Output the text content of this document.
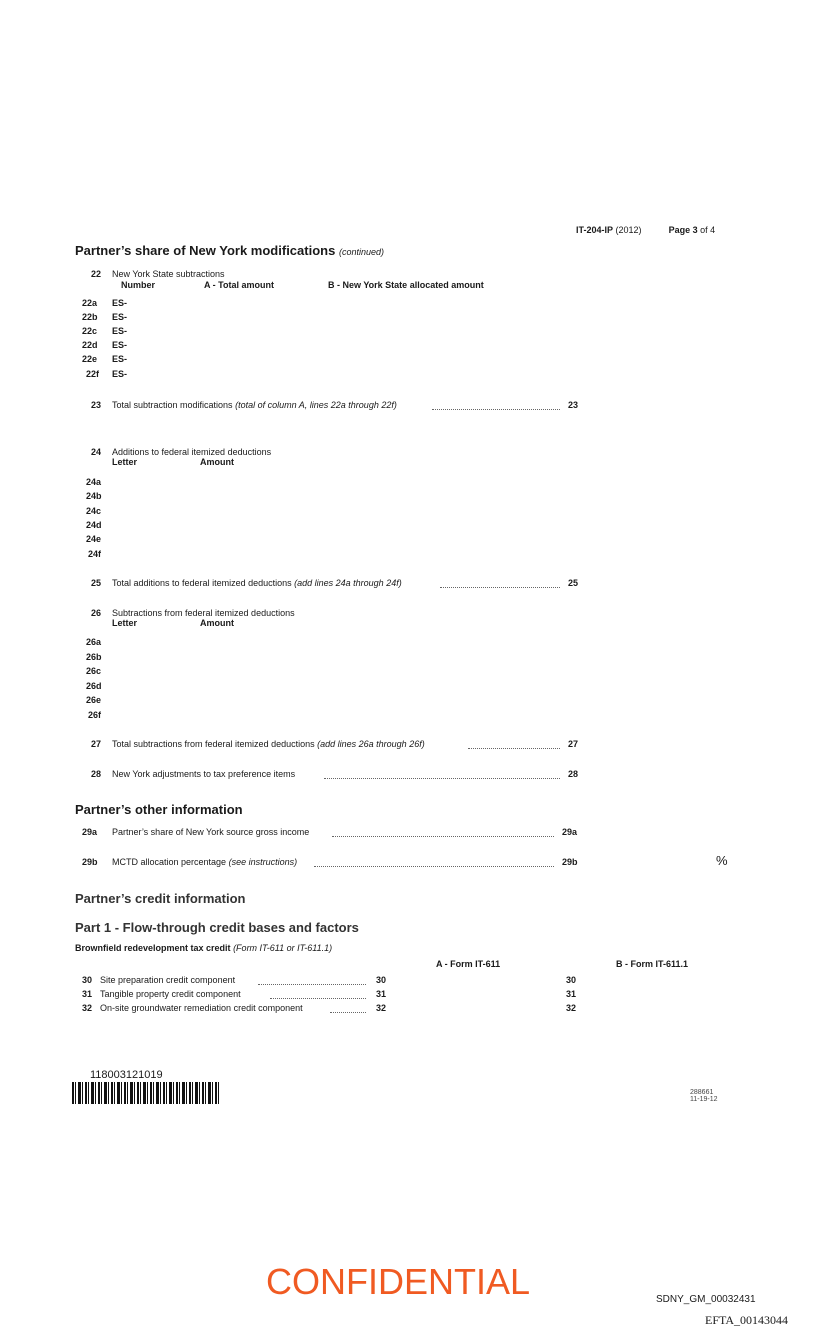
IT-204-IP (2012)	Page 3 of 4
Partner’s share of New York modifications (continued)
22 New York State subtractions
Number	A - Total amount	B - New York State allocated amount
22a ES-
22b ES-
22c ES-
22d ES-
22e ES-
22f ES-
23 Total subtraction modifications (total of column A, lines 22a through 22f)	23
24 Additions to federal itemized deductions
Letter	Amount
24a
24b
24c
24d
24e
24f
25 Total additions to federal itemized deductions (add lines 24a through 24f)	25
26 Subtractions from federal itemized deductions
Letter	Amount
26a
26b
26c
26d
26e
26f
27 Total subtractions from federal itemized deductions (add lines 26a through 26f)	27
28 New York adjustments to tax preference items	28
Partner’s other information
29a Partner’s share of New York source gross income	29a
29b MCTD allocation percentage (see instructions)	29b	%
Partner’s credit information
Part 1 - Flow-through credit bases and factors
Brownfield redevelopment tax credit (Form IT-611 or IT-611.1)
A - Form IT-611	B - Form IT-611.1
30 Site preparation credit component	30	30
31 Tangible property credit component	31	31
32 On-site groundwater remediation credit component	32	32
118003121019
288661
11-19-12
CONFIDENTIAL	SDNY_GM_00032431
EFTA_00143044
